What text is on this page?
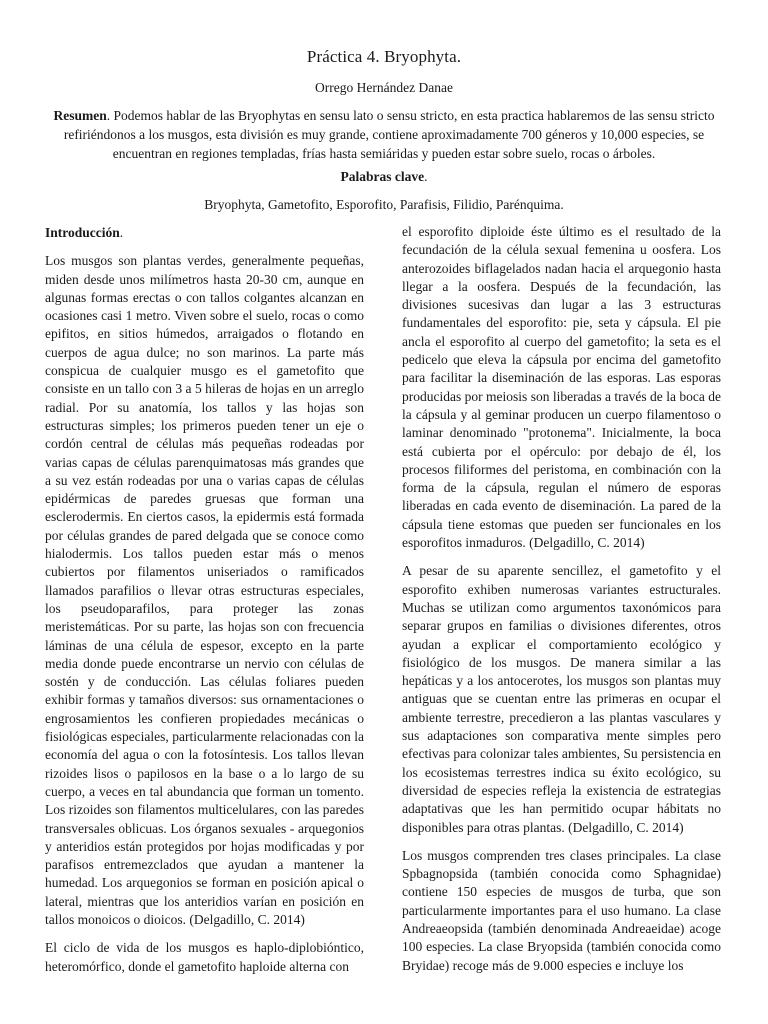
Práctica 4. Bryophyta.
Orrego Hernández Danae
Resumen. Podemos hablar de las Bryophytas en sensu lato o sensu stricto, en esta practica hablaremos de las sensu stricto refiriéndonos a los musgos, esta división es muy grande, contiene aproximadamente 700 géneros y 10,000 especies, se encuentran en regiones templadas, frías hasta semiáridas y pueden estar sobre suelo, rocas o árboles.
Palabras clave.
Bryophyta, Gametofito, Esporofito, Parafisis, Filidio, Parénquima.

Introducción.

Los musgos son plantas verdes, generalmente pequeñas, miden desde unos milímetros hasta 20-30 cm, aunque en algunas formas erectas o con tallos colgantes alcanzan en ocasiones casi 1 metro. Viven sobre el suelo, rocas o como epifitos, en sitios húmedos, arraigados o flotando en cuerpos de agua dulce; no son marinos. La parte más conspicua de cualquier musgo es el gametofito que consiste en un tallo con 3 a 5 hileras de hojas en un arreglo radial. Por su anatomía, los tallos y las hojas son estructuras simples; los primeros pueden tener un eje o cordón central de células más pequeñas rodeadas por varias capas de células parenquimatosas más grandes que a su vez están rodeadas por una o varias capas de células epidérmicas de paredes gruesas que forman una esclerodermis. En ciertos casos, la epidermis está formada por células grandes de pared delgada que se conoce como hialodermis. Los tallos pueden estar más o menos cubiertos por filamentos uniseriados o ramificados llamados parafilios o llevar otras estructuras especiales, los pseudoparafilos, para proteger las zonas meristemáticas. Por su parte, las hojas son con frecuencia láminas de una célula de espesor, excepto en la parte media donde puede encontrarse un nervio con células de sostén y de conducción. Las células foliares pueden exhibir formas y tamaños diversos: sus ornamentaciones o engrosamientos les confieren propiedades mecánicas o fisiológicas especiales, particularmente relacionadas con la economía del agua o con la fotosíntesis. Los tallos llevan rizoides lisos o papilosos en la base o a lo largo de su cuerpo, a veces en tal abundancia que forman un tomento. Los rizoides son filamentos multicelulares, con las paredes transversales oblicuas. Los órganos sexuales - arquegonios y anteridios están protegidos por hojas modificadas y por parafisos entremezclados que ayudan a mantener la humedad. Los arquegonios se forman en posición apical o lateral, mientras que los anteridios varían en posición en tallos monoicos o dioicos. (Delgadillo, C. 2014)

El ciclo de vida de los musgos es haplo-diplobióntico, heteromórfico, donde el gametofito haploide alterna con

el esporofito diploide éste último es el resultado de la fecundación de la célula sexual femenina u oosfera. Los anterozoides biflagelados nadan hacia el arquegonio hasta llegar a la oosfera. Después de la fecundación, las divisiones sucesivas dan lugar a las 3 estructuras fundamentales del esporofito: pie, seta y cápsula. El pie ancla el esporofito al cuerpo del gametofito; la seta es el pedicelo que eleva la cápsula por encima del gametofito para facilitar la diseminación de las esporas. Las esporas producidas por meiosis son liberadas a través de la boca de la cápsula y al geminar producen un cuerpo filamentoso o laminar denominado "protonema". Inicialmente, la boca está cubierta por el opérculo: por debajo de él, los procesos filiformes del peristoma, en combinación con la forma de la cápsula, regulan el número de esporas liberadas en cada evento de diseminación. La pared de la cápsula tiene estomas que pueden ser funcionales en los esporofitos inmaduros. (Delgadillo, C. 2014)

A pesar de su aparente sencillez, el gametofito y el esporofito exhiben numerosas variantes estructurales. Muchas se utilizan como argumentos taxonómicos para separar grupos en familias o divisiones diferentes, otros ayudan a explicar el comportamiento ecológico y fisiológico de los musgos. De manera similar a las hepáticas y a los antocerotes, los musgos son plantas muy antiguas que se cuentan entre las primeras en ocupar el ambiente terrestre, precedieron a las plantas vasculares y sus adaptaciones son comparativa mente simples pero efectivas para colonizar tales ambientes, Su persistencia en los ecosistemas terrestres indica su éxito ecológico, su diversidad de especies refleja la existencia de estrategias adaptativas que les han permitido ocupar hábitats no disponibles para otras plantas. (Delgadillo, C. 2014)

Los musgos comprenden tres clases principales. La clase Spbagnopsida (también conocida como Sphagnidae) contiene 150 especies de musgos de turba, que son particularmente importantes para el uso humano. La clase Andreaeopsida (también denominada Andreaeidae) acoge 100 especies. La clase Bryopsida (también conocida como Bryidae) recoge más de 9.000 especies e incluye los
